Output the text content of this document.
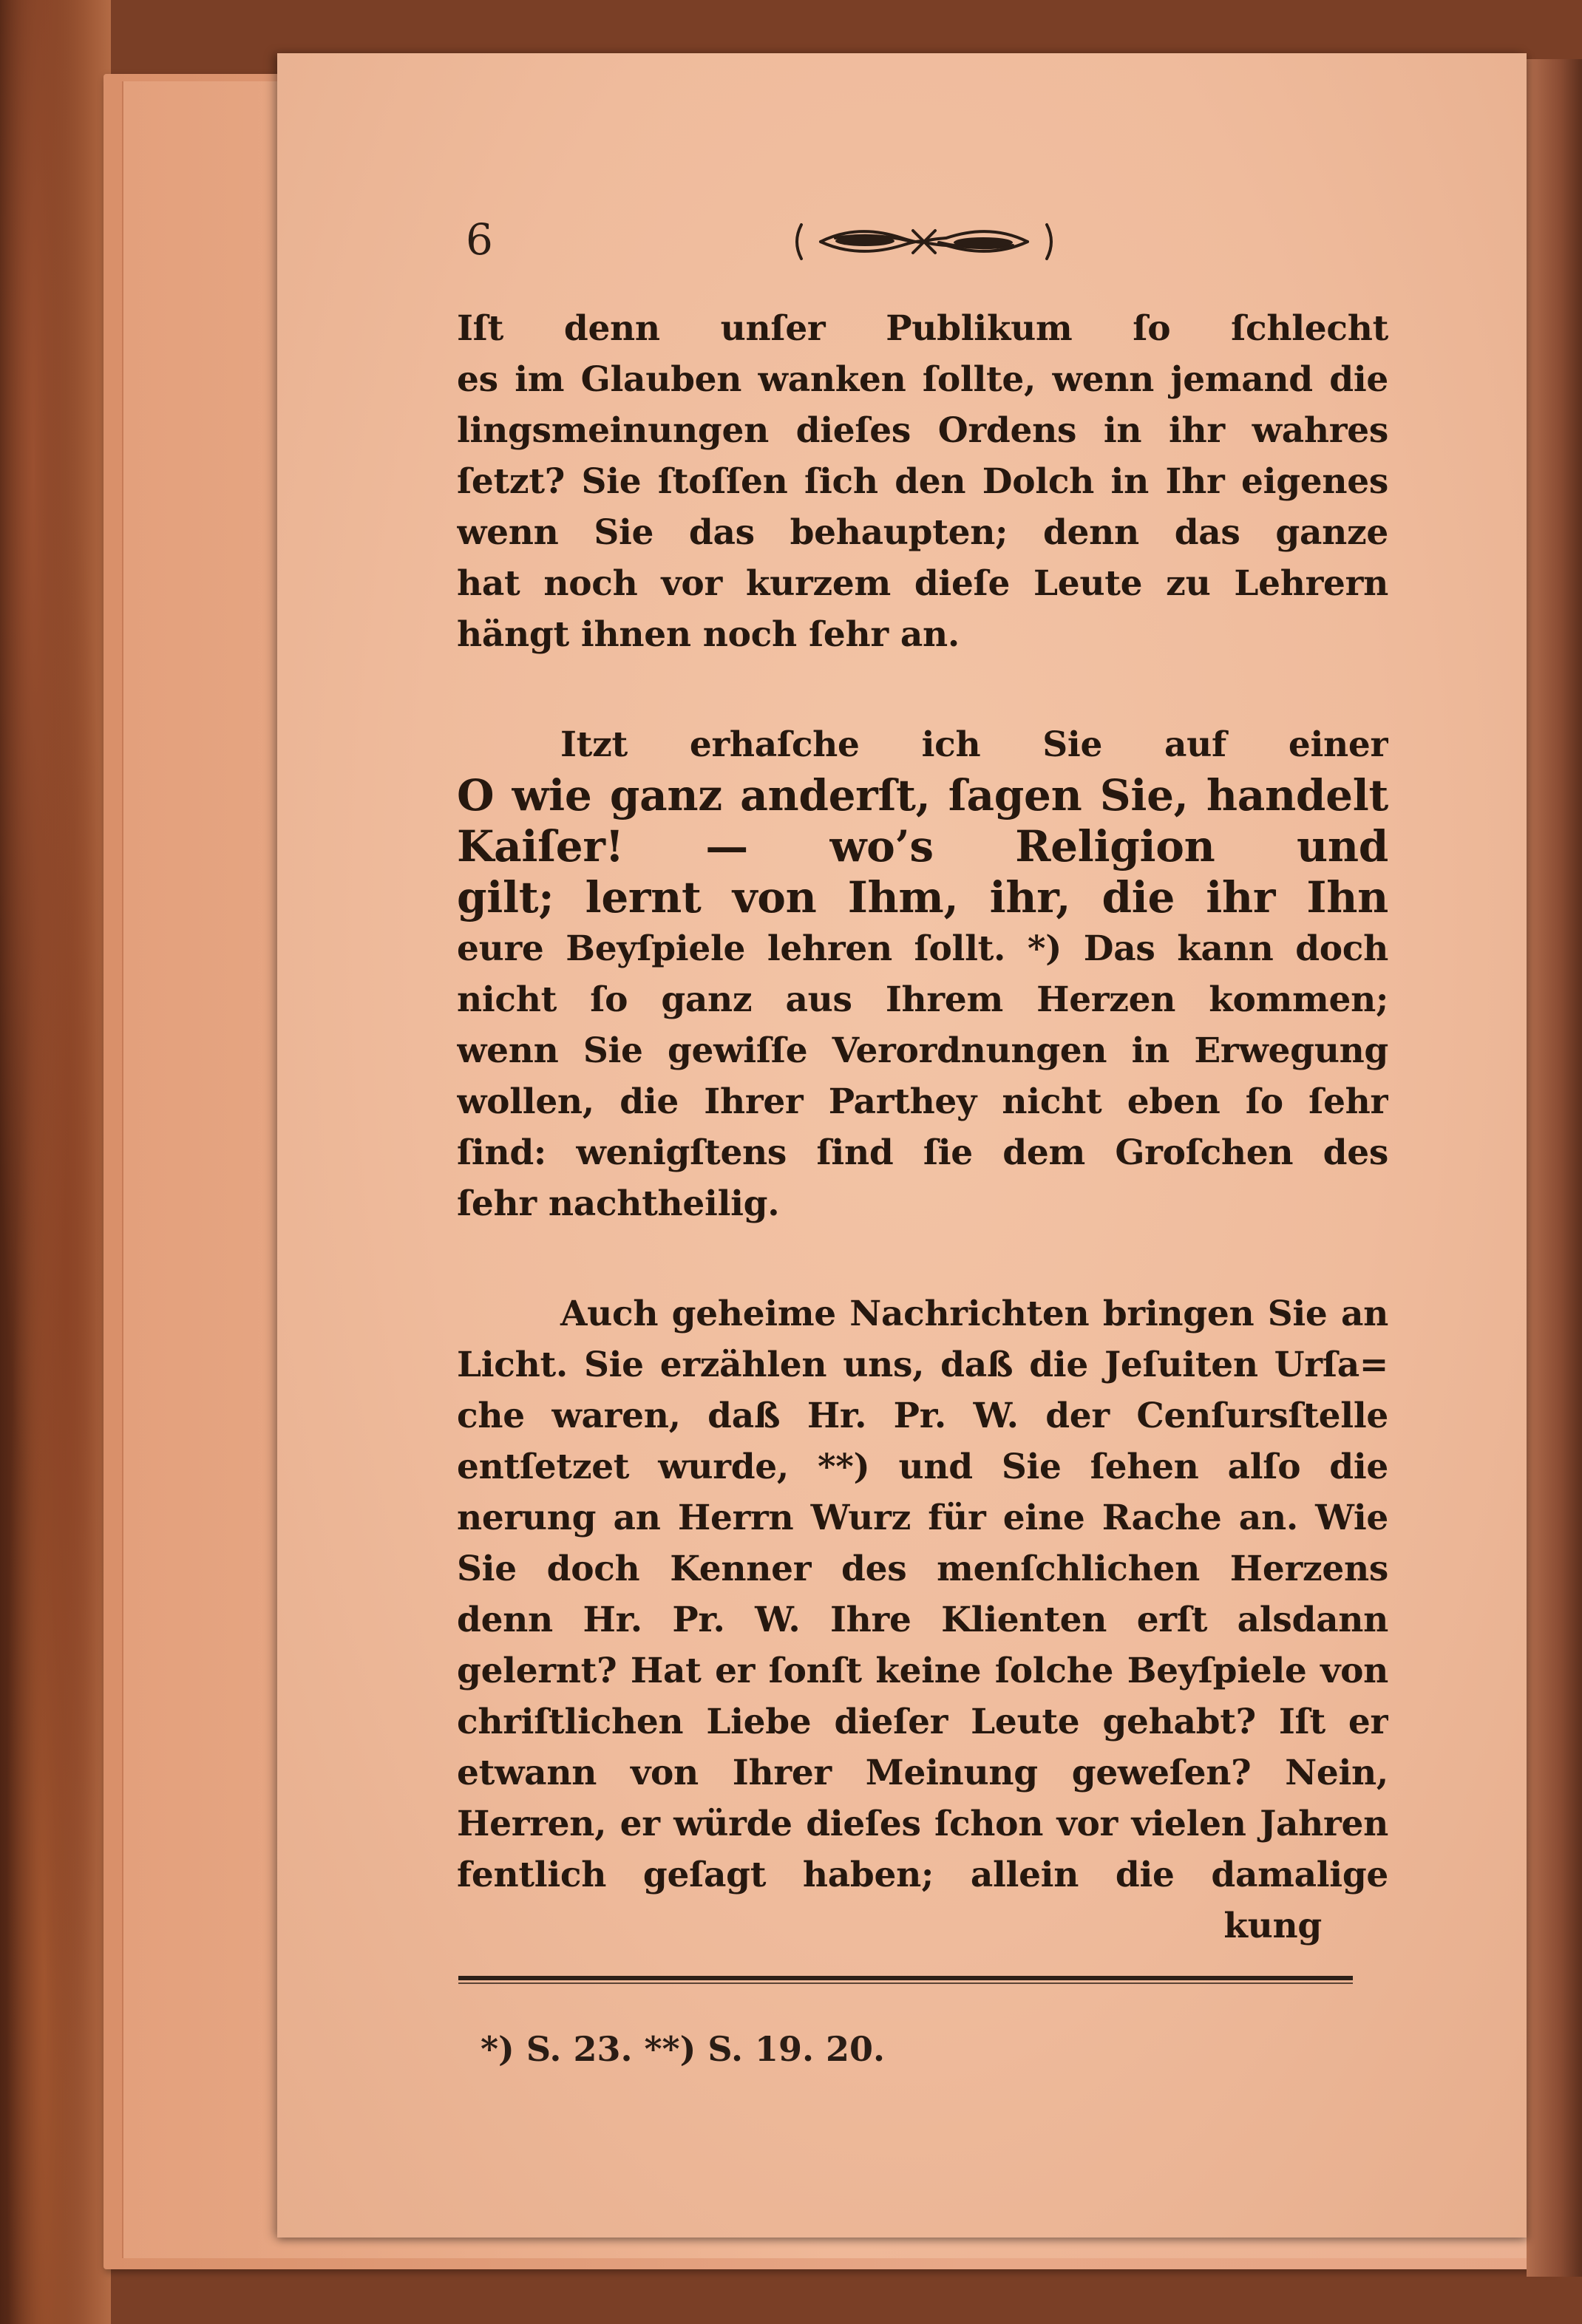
6
Iſt denn unſer Publikum ſo ſchlecht
es im Glauben wanken ſollte, wenn jemand die
lingsmeinungen dieſes Ordens in ihr wahres
ſetzt? Sie ſtoſſen ſich den Dolch in Ihr eigenes
wenn Sie das behaupten; denn das ganze
hat noch vor kurzem dieſe Leute zu Lehrern
hängt ihnen noch ſehr an.
Itzt erhaſche ich Sie auf einer
O wie ganz anderſt, ſagen Sie, handelt
Kaiſer! — wo’s Religion und
gilt; lernt von Ihm, ihr, die ihr Ihn
eure Beyſpiele lehren ſollt. *) Das kann doch
nicht ſo ganz aus Ihrem Herzen kommen;
wenn Sie gewiſſe Verordnungen in Erwegung
wollen, die Ihrer Parthey nicht eben ſo ſehr
ſind: wenigſtens ſind ſie dem Groſchen des
ſehr nachtheilig.
Auch geheime Nachrichten bringen Sie an
Licht. Sie erzählen uns, daß die Jeſuiten Urſa=
che waren, daß Hr. Pr. W. der Cenſursſtelle
entſetzet wurde, **) und Sie ſehen alſo die
nerung an Herrn Wurz für eine Rache an. Wie
Sie doch Kenner des menſchlichen Herzens
denn Hr. Pr. W. Ihre Klienten erſt alsdann
gelernt? Hat er ſonſt keine ſolche Beyſpiele von
chriſtlichen Liebe dieſer Leute gehabt? Iſt er
etwann von Ihrer Meinung geweſen? Nein,
Herren, er würde dieſes ſchon vor vielen Jahren
fentlich geſagt haben; allein die damalige
kung
*) S. 23. **) S. 19. 20.
